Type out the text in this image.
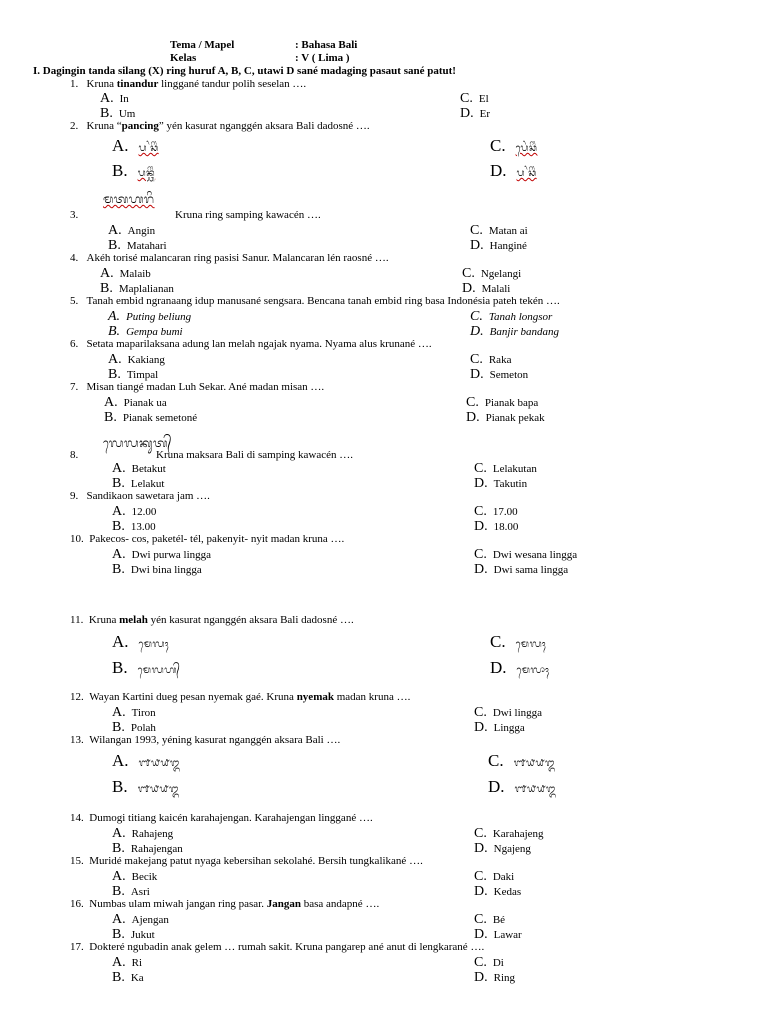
Tema / Mapel	: Bahasa Bali
Kelas	: V ( Lima )
I. Dagingin tanda silang (X) ring huruf A, B, C, utawi D sané madaging pasaut sané patut!
1. Kruna tinandur linggané tandur polih seselan ….
A. In
B. Um
C. El
D. Er
2. Kruna “pancing” yén kasurat nganggén aksara Bali dadosné ….
A. ᬧ ᬂᬘᬶᬂ
B. ᬧᬦ᭄ᬘᬶᬂ
C. ᬧᬾᬂᬘᬶᬂ
D. ᬧ ᬂᬘᬶᬂ
ᬫᬢᬳᬭᬶ
3.	Kruna ring samping kawacén ….
A. Angin
B. Matahari
C. Matan ai
D. Hanginé
4. Akéh torisé malancaran ring pasisi Sanur. Malancaran lén raosné ….
A. Malaib
B. Maplalianan
C. Ngelangi
D. Malali
5. Tanah embid ngranaang idup manusané sengsara. Bencana tanah embid ring basa Indonésia pateh tekén ….
A. Puting beliung
B. Gempa bumi
C. Tanah longsor
D. Banjir bandang
6. Setata maparilaksana adung lan melah ngajak nyama. Nyama alus krunané ….
A. Kakiang
B. Timpal
C. Raka
D. Semeton
7. Misan tiangé madan Luh Sekar. Ané madan misan ….
A. Pianak ua
B. Pianak semetoné
C. Pianak bapa
D. Pianak pekak
ᬮᬾᬮᬓᬸᬢ᭄
8.	Kruna maksara Bali di samping kawacén ….
A. Betakut
B. Lelakut
C. Lelakutan
D. Takutin
9. Sandikaon sawetara jam ….
A. 12.00
B. 13.00
C. 17.00
D. 18.00
10. Pakecos- cos, paketél- tél, pakenyit- nyit madan kruna ….
A. Dwi purwa lingga
B. Dwi bina lingga
C. Dwi wesana lingga
D. Dwi sama lingga
11. Kruna melah yén kasurat nganggén aksara Bali dadosné ….
A. ᬫᬾᬮᬄ
B. ᬫᬾᬮᬳ᭄
C. ᬫᬾᬮᬄ
D. ᬫᬾᬮᬵᬄ
12. Wayan Kartini dueg pesan nyemak gaé. Kruna nyemak madan kruna ….
A. Tiron
B. Polah
C. Dwi lingga
D. Lingga
13. Wilangan 1993, yéning kasurat nganggén aksara Bali ….
A. ᭑᭙᭙᭓
B. ᭑᭙᭙᭓
C. ᭑᭙᭙᭓
D. ᭑᭙᭙᭓
14. Dumogi titiang kaicén karahajengan. Karahajengan linggané ….
A. Rahajeng
B. Rahajengan
C. Karahajeng
D. Ngajeng
15. Muridé makejang patut nyaga kebersihan sekolahé. Bersih tungkalikané ….
A. Becik
B. Asri
C. Daki
D. Kedas
16. Numbas ulam miwah jangan ring pasar. Jangan basa andapné ….
A. Ajengan
B. Jukut
C. Bé
D. Lawar
17. Dokteré ngubadin anak gelem … rumah sakit. Kruna pangarep ané anut di lengkarané ….
A. Ri
B. Ka
C. Di
D. Ring
